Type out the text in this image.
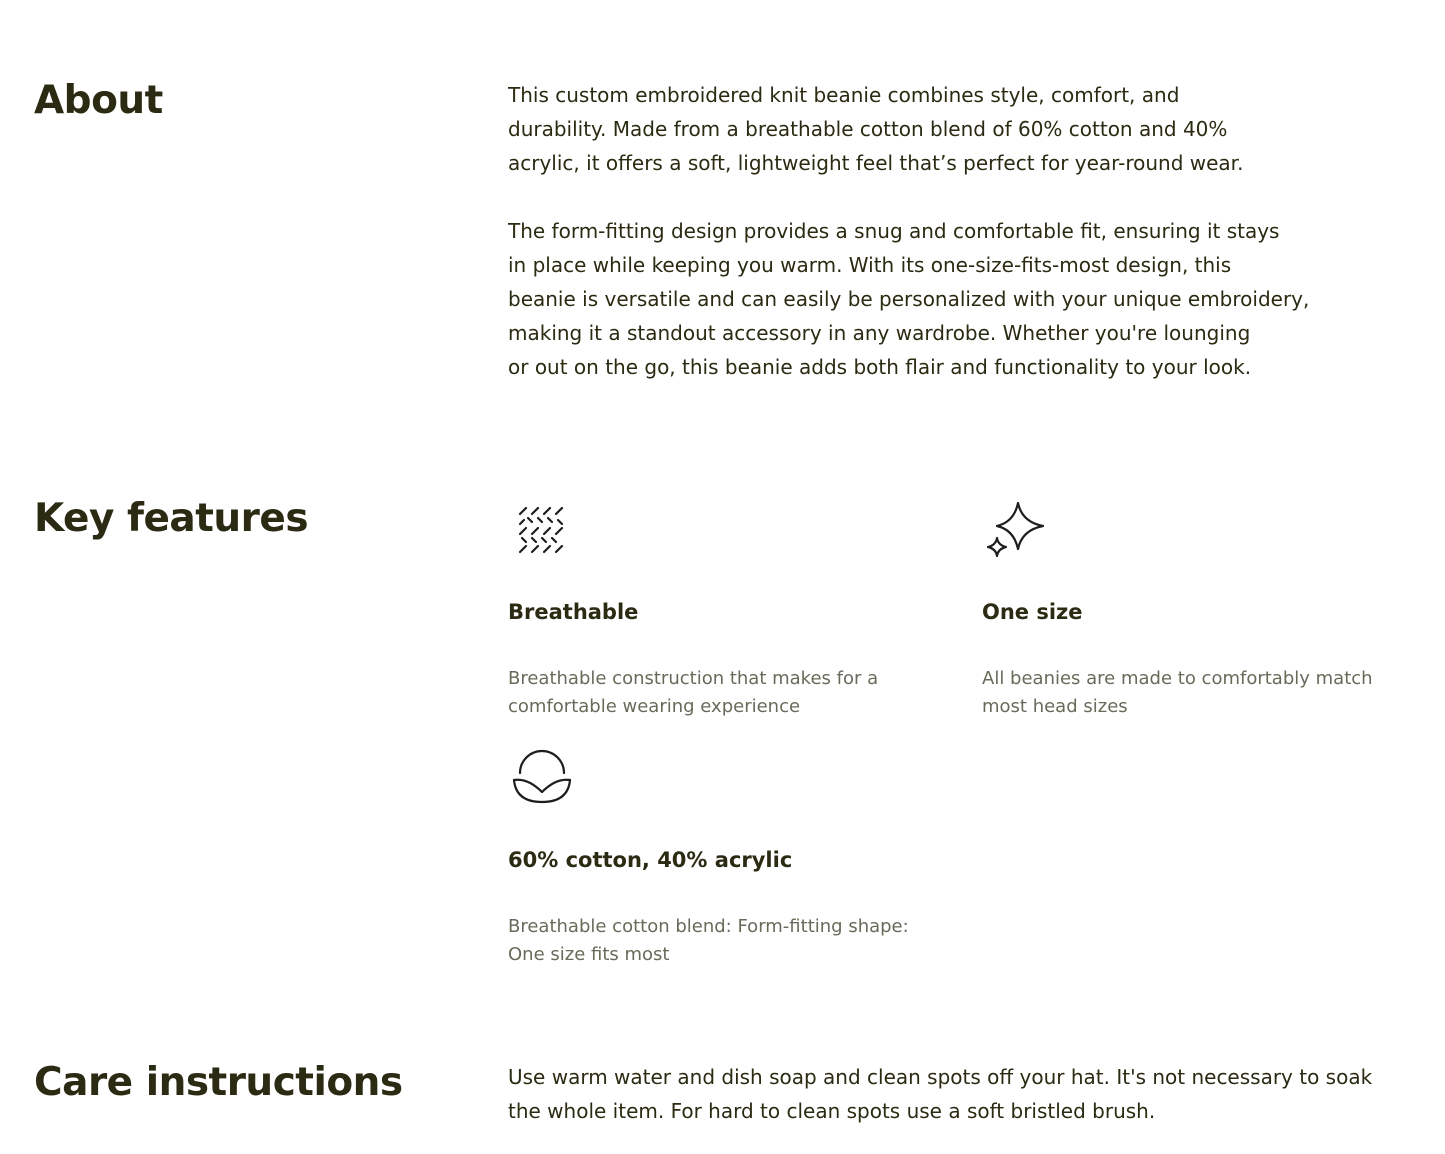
About	This custom embroidered knit beanie combines style, comfort, and

durability. Made from a breathable cotton blend of 60% cotton and 40%

acrylic, it offers a soft, lightweight feel that’s perfect for year-round wear.

The form-fitting design provides a snug and comfortable fit, ensuring it stays

in place while keeping you warm. With its one-size-fits-most design, this

beanie is versatile and can easily be personalized with your unique embroidery,

making it a standout accessory in any wardrobe. Whether you're lounging

or out on the go, this beanie adds both flair and functionality to your look.

Key features
Breathable

Breathable construction that makes for a
comfortable wearing experience

One size

All beanies are made to comfortably match
most head sizes

60% cotton, 40% acrylic

Breathable cotton blend: Form-fitting shape:
One size fits most

Care instructions	Use warm water and dish soap and clean spots off your hat. It's not necessary to soak

the whole item. For hard to clean spots use a soft bristled brush.
